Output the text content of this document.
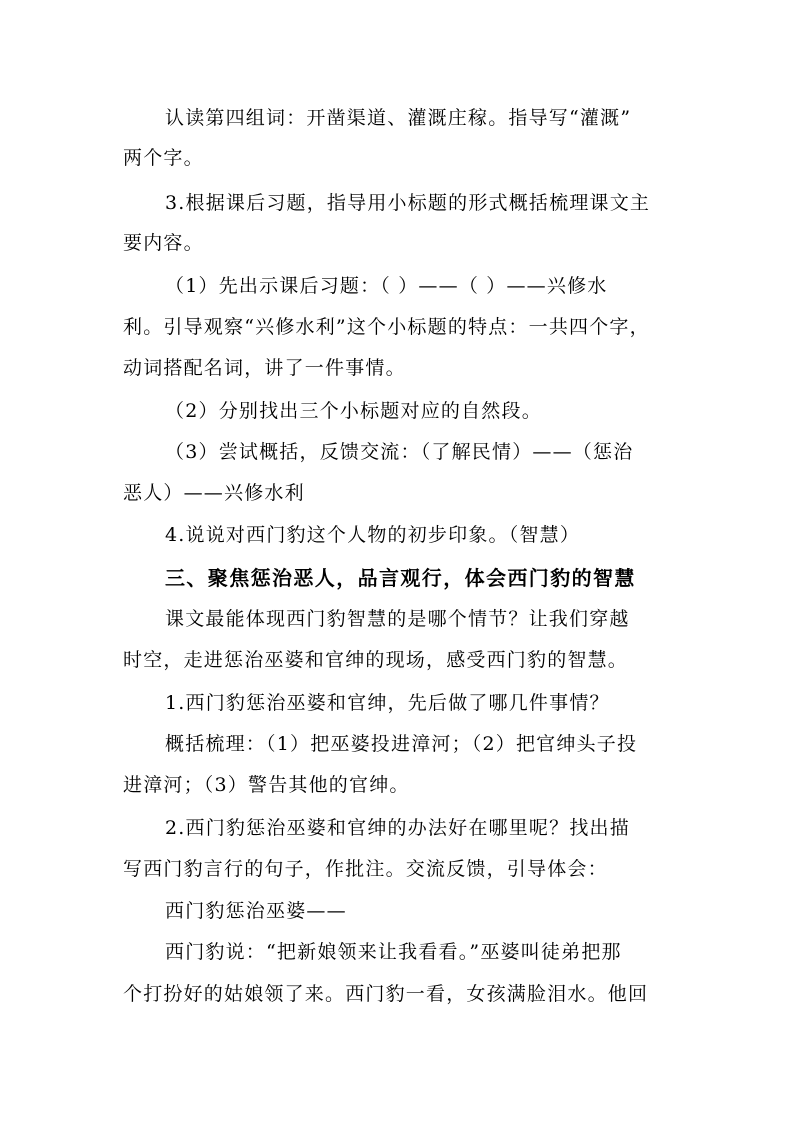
认读第四组词：开凿渠道、灌溉庄稼。指导写“灌溉”
两个字。
3.根据课后习题，指导用小标题的形式概括梳理课文主
要内容。
（1）先出示课后习题：（ ）——（ ）——兴修水
利。引导观察“兴修水利”这个小标题的特点：一共四个字，
动词搭配名词，讲了一件事情。
（2）分别找出三个小标题对应的自然段。
（3）尝试概括，反馈交流：（了解民情）——（惩治
恶人）——兴修水利
4.说说对西门豹这个人物的初步印象。（智慧）
三、聚焦惩治恶人，品言观行，体会西门豹的智慧
课文最能体现西门豹智慧的是哪个情节？让我们穿越
时空，走进惩治巫婆和官绅的现场，感受西门豹的智慧。
1.西门豹惩治巫婆和官绅，先后做了哪几件事情？
概括梳理：（1）把巫婆投进漳河；（2）把官绅头子投
进漳河；（3）警告其他的官绅。
2.西门豹惩治巫婆和官绅的办法好在哪里呢？找出描
写西门豹言行的句子，作批注。交流反馈，引导体会：
西门豹惩治巫婆——
西门豹说：“把新娘领来让我看看。”巫婆叫徒弟把那
个打扮好的姑娘领了来。西门豹一看，女孩满脸泪水。他回
